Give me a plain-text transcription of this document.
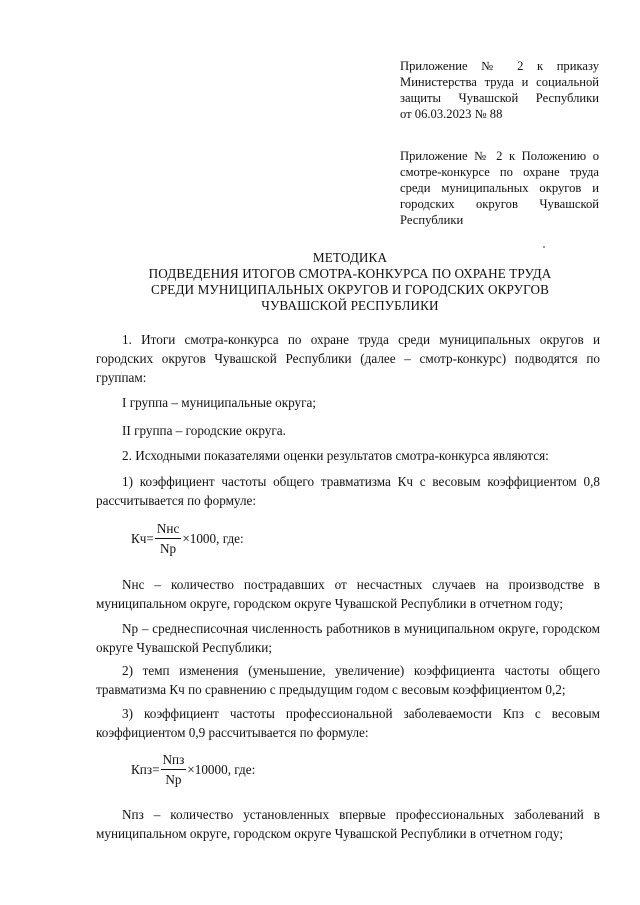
Приложение № 2 к приказу
Министерства труда и социальной
защиты Чувашской Республики
от 06.03.2023 № 88
Приложение № 2 к Положению о смотре-конкурсе по охране труда среди муниципальных округов и городских округов Чувашской Республики
МЕТОДИКА
ПОДВЕДЕНИЯ ИТОГОВ СМОТРА-КОНКУРСА ПО ОХРАНЕ ТРУДА
СРЕДИ МУНИЦИПАЛЬНЫХ ОКРУГОВ И ГОРОДСКИХ ОКРУГОВ
ЧУВАШСКОЙ РЕСПУБЛИКИ

1. Итоги смотра-конкурса по охране труда среди муниципальных округов и городских округов Чувашской Республики (далее – смотр-конкурс) подводятся по группам:

I группа – муниципальные округа;

II группа – городские округа.

2. Исходными показателями оценки результатов смотра-конкурса являются:

1) коэффициент частоты общего травматизма Кч с весовым коэффициентом 0,8 рассчитывается по формуле:

$Кч= \frac{\text{Nнс}}{Nр} \times 1000$, где:

Nнс – количество пострадавших от несчастных случаев на производстве в муниципальном округе, городском округе Чувашской Республики в отчетном году;

Nр – среднесписочная численность работников в муниципальном округе, городском округе Чувашской Республики;

2) темп изменения (уменьшение, увеличение) коэффициента частоты общего травматизма Кч по сравнению с предыдущим годом с весовым коэффициентом 0,2;

3) коэффициент частоты профессиональной заболеваемости Кпз с весовым коэффициентом 0,9 рассчитывается по формуле:

$Кпз= \frac{\text{Nпз}}{Nр} \times 10000$, где:

Nпз – количество установленных впервые профессиональных заболеваний в муниципальном округе, городском округе Чувашской Республики в отчетном году;
